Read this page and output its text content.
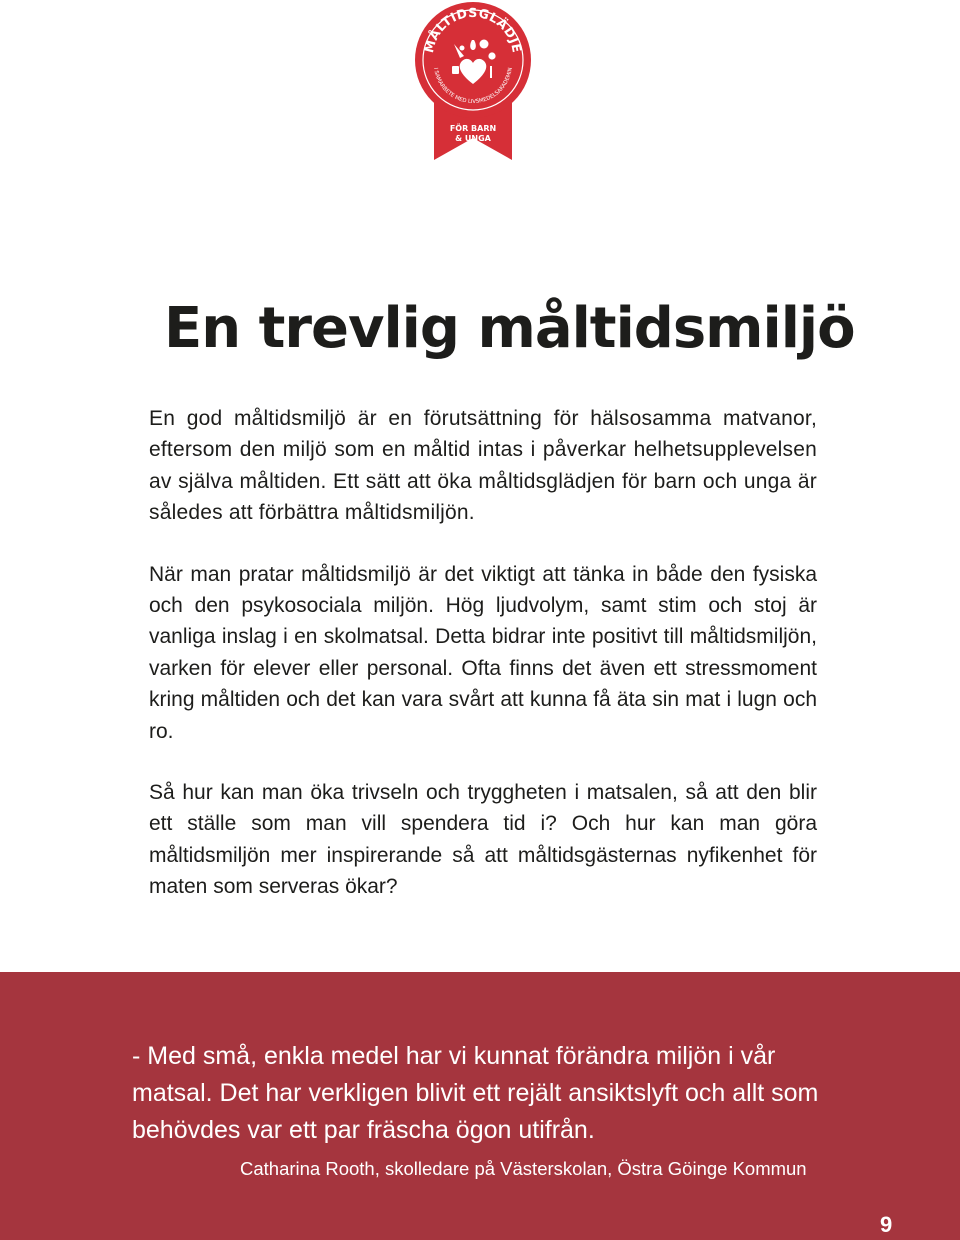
MÅLTIDSGLÄDJE
I SAMARBETE MED LIVSMEDELSAKADEMIN
FÖR BARN
& UNGA
En trevlig måltidsmiljö

En god måltidsmiljö är en förutsättning för hälsosamma matvanor, eftersom den miljö som en måltid intas i påverkar helhetsupplevelsen av själva måltiden. Ett sätt att öka måltidsglädjen för barn och unga är således att förbättra måltidsmiljön.

När man pratar måltidsmiljö är det viktigt att tänka in både den fysiska och den psykosociala miljön. Hög ljudvolym, samt stim och stoj är vanliga inslag i en skolmatsal. Detta bidrar inte positivt till måltidsmiljön, varken för elever eller personal. Ofta finns det även ett stressmoment kring måltiden och det kan vara svårt att kunna få äta sin mat i lugn och ro.

Så hur kan man öka trivseln och tryggheten i matsalen, så att den blir ett ställe som man vill spendera tid i? Och hur kan man göra måltidsmiljön mer inspirerande så att måltidsgästernas nyfikenhet för maten som serveras ökar?

- Med små, enkla medel har vi kunnat förändra miljön i vår matsal. Det har verkligen blivit ett rejält ansiktslyft och allt som behövdes var ett par fräscha ögon utifrån.

Catharina Rooth, skolledare på Västerskolan, Östra Göinge Kommun

9
